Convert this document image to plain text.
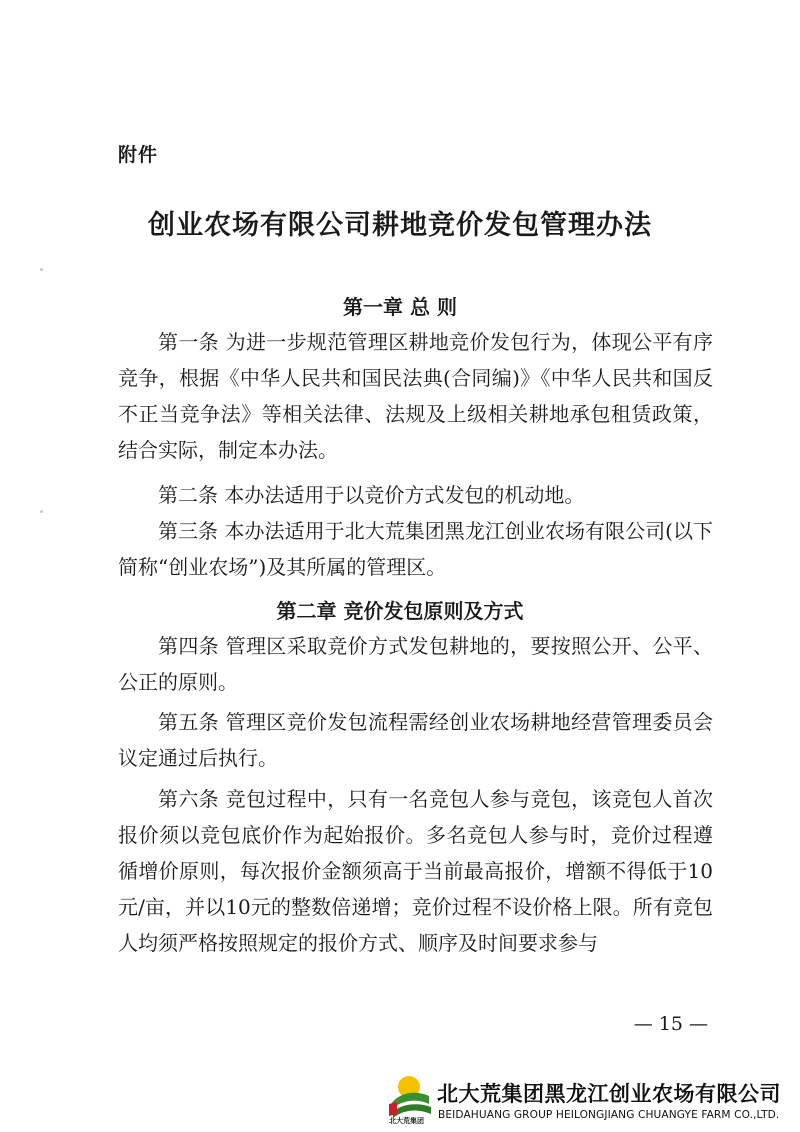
附件
创业农场有限公司耕地竞价发包管理办法
第一章 总 则

第一条 为进一步规范管理区耕地竞价发包行为，体现公平有序竞争，根据《中华人民共和国民法典(合同编)》《中华人民共和国反不正当竞争法》等相关法律、法规及上级相关耕地承包租赁政策，结合实际，制定本办法。

第二条 本办法适用于以竞价方式发包的机动地。

第三条 本办法适用于北大荒集团黑龙江创业农场有限公司(以下简称“创业农场”)及其所属的管理区。

第二章 竞价发包原则及方式

第四条 管理区采取竞价方式发包耕地的，要按照公开、公平、公正的原则。

第五条 管理区竞价发包流程需经创业农场耕地经营管理委员会议定通过后执行。

第六条 竞包过程中，只有一名竞包人参与竞包，该竞包人首次报价须以竞包底价作为起始报价。多名竞包人参与时，竞价过程遵循增价原则，每次报价金额须高于当前最高报价，增额不得低于10元/亩，并以10元的整数倍递增；竞价过程不设价格上限。所有竞包人均须严格按照规定的报价方式、顺序及时间要求参与

— 15 —
北大荒集团
北大荒集团黑龙江创业农场有限公司
BEIDAHUANG GROUP HEILONGJIANG CHUANGYE FARM CO.,LTD.
